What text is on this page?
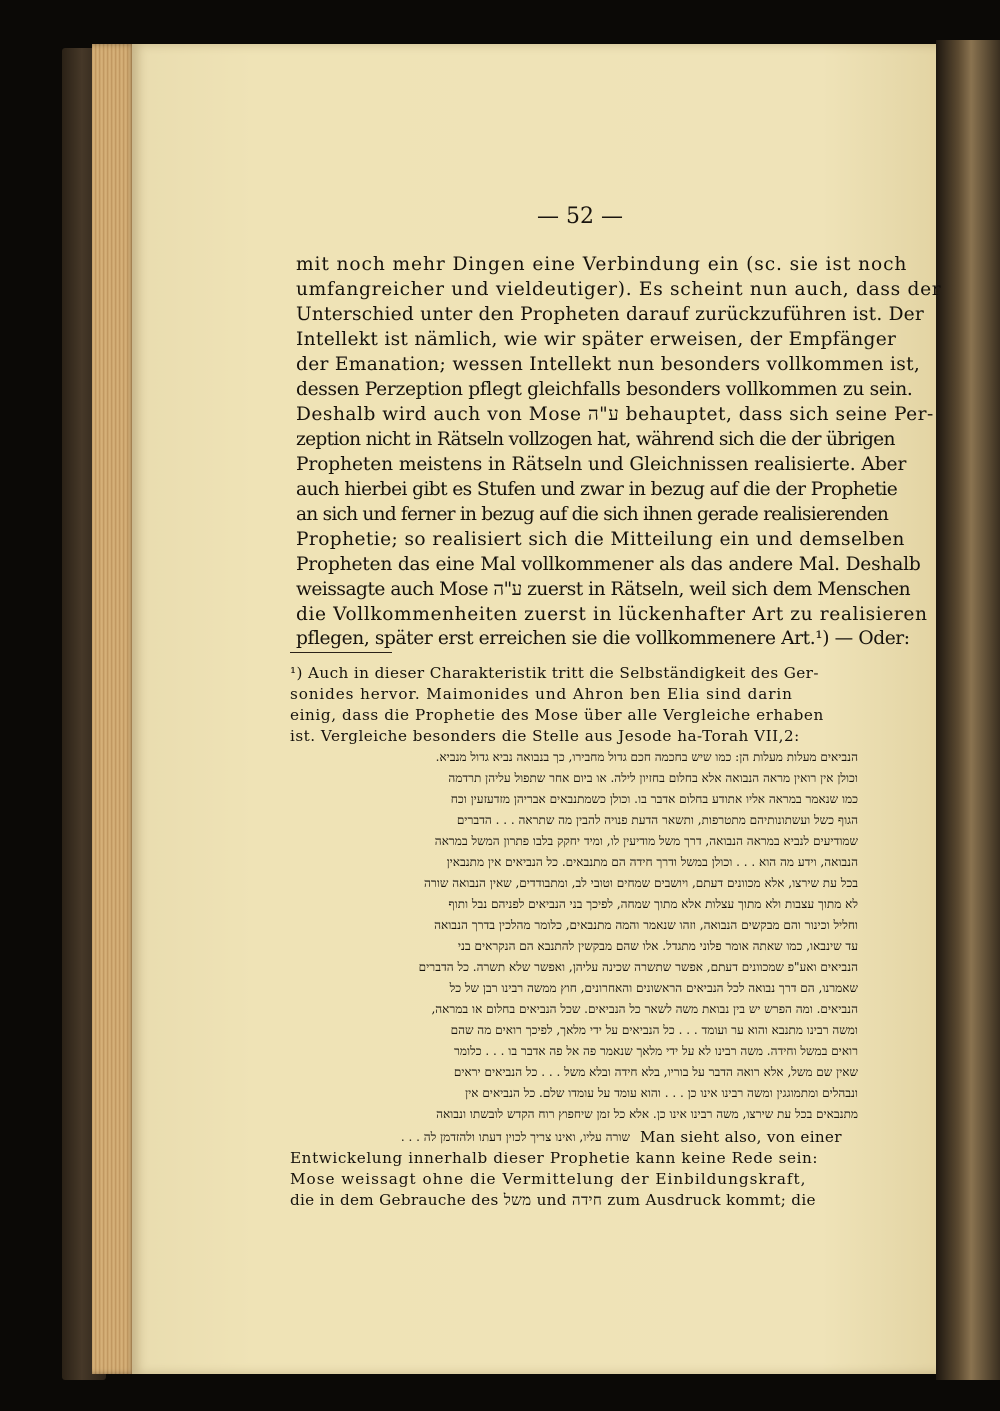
— 52 —

mit noch mehr Dingen eine Verbindung ein (sc. sie ist noch

umfangreicher und vieldeutiger). Es scheint nun auch, dass der

Unterschied unter den Propheten darauf zurückzuführen ist. Der

Intellekt ist nämlich, wie wir später erweisen, der Empfänger

der Emanation; wessen Intellekt nun besonders vollkommen ist,

dessen Perzeption pflegt gleichfalls besonders vollkommen zu sein.

Deshalb wird auch von Mose ע"ה behauptet, dass sich seine Per-

zeption nicht in Rätseln vollzogen hat, während sich die der übrigen

Propheten meistens in Rätseln und Gleichnissen realisierte. Aber

auch hierbei gibt es Stufen und zwar in bezug auf die der Prophetie

an sich und ferner in bezug auf die sich ihnen gerade realisierenden

Prophetie; so realisiert sich die Mitteilung ein und demselben

Propheten das eine Mal vollkommener als das andere Mal. Deshalb

weissagte auch Mose ע"ה zuerst in Rätseln, weil sich dem Menschen

die Vollkommenheiten zuerst in lückenhafter Art zu realisieren

pflegen, später erst erreichen sie die vollkommenere Art.¹) — Oder:

¹) Auch in dieser Charakteristik tritt die Selbständigkeit des Ger-

sonides hervor. Maimonides und Ahron ben Elia sind darin

einig, dass die Prophetie des Mose über alle Vergleiche erhaben

ist. Vergleiche besonders die Stelle aus Jesode ha-Torah VII,2:

הנביאים מעלות מעלות הן: כמו שיש בחכמה חכם גדול מחבירו, כך בנבואה נביא גדול מנביא.

וכולן אין רואין מראה הנבואה אלא בחלום בחזיון לילה. או ביום אחר שתפול עליהן תרדמה

כמו שנאמר במראה אליו אתודע בחלום אדבר בו. וכולן כשמתנבאים אבריהן מזדעזעין וכח

הגוף כשל ועשתונותיהם מתטרפות, ותשאר הדעת פנויה להבין מה שתראה . . . הדברים

שמודיעים לנביא במראה הנבואה, דרך משל מודיעין לו, ומיד יחקק בלבו פתרון המשל במראה

הנבואה, וידע מה הוא . . . וכולן במשל ודרך חידה הם מתנבאים. כל הנביאים אין מתנבאין

בכל עת שירצו, אלא מכוונים דעתם, ויושבים שמחים וטובי לב, ומתבודדים, שאין הנבואה שורה

לא מתוך עצבות ולא מתוך עצלות אלא מתוך שמחה, לפיכך בני הנביאים לפניהם נבל ותוף

וחליל וכינור והם מבקשים הנבואה, וזהו שנאמר והמה מתנבאים, כלומר מהלכין בדרך הנבואה

עד שינבאו, כמו שאתה אומר פלוני מתגדל. אלו שהם מבקשין להתנבא הם הנקראים בני

הנביאים ואע"פ שמכוונים דעתם, אפשר שתשרה שכינה עליהן, ואפשר שלא תשרה. כל הדברים

שאמרנו, הם דרך נבואה לכל הנביאים הראשונים והאחרונים, חוץ ממשה רבינו רבן של כל

הנביאים. ומה הפרש יש בין נבואת משה לשאר כל הנביאים. שכל הנביאים בחלום או במראה,

ומשה רבינו מתנבא והוא ער ועומד . . . כל הנביאים על ידי מלאך, לפיכך רואים מה שהם

רואים במשל וחידה. משה רבינו לא על ידי מלאך שנאמר פה אל פה אדבר בו . . . כלומר

שאין שם משל, אלא רואה הדבר על בוריו, בלא חידה ובלא משל . . . כל הנביאים יראים

ונבהלים ומתמוגגין ומשה רבינו אינו כן . . . והוא עומד על עומדו שלם. כל הנביאים אין

מתנבאים בכל עת שירצו, משה רבינו אינו כן. אלא כל זמן שיחפוץ רוח הקדש לובשתו ונבואה

Man sieht also, von einer

שורה עליו, ואינו צריך לכוין דעתו ולהזדמן לה . . .

Entwickelung innerhalb dieser Prophetie kann keine Rede sein:

Mose weissagt ohne die Vermittelung der Einbildungskraft,

die in dem Gebrauche des משל und חידה zum Ausdruck kommt; die
